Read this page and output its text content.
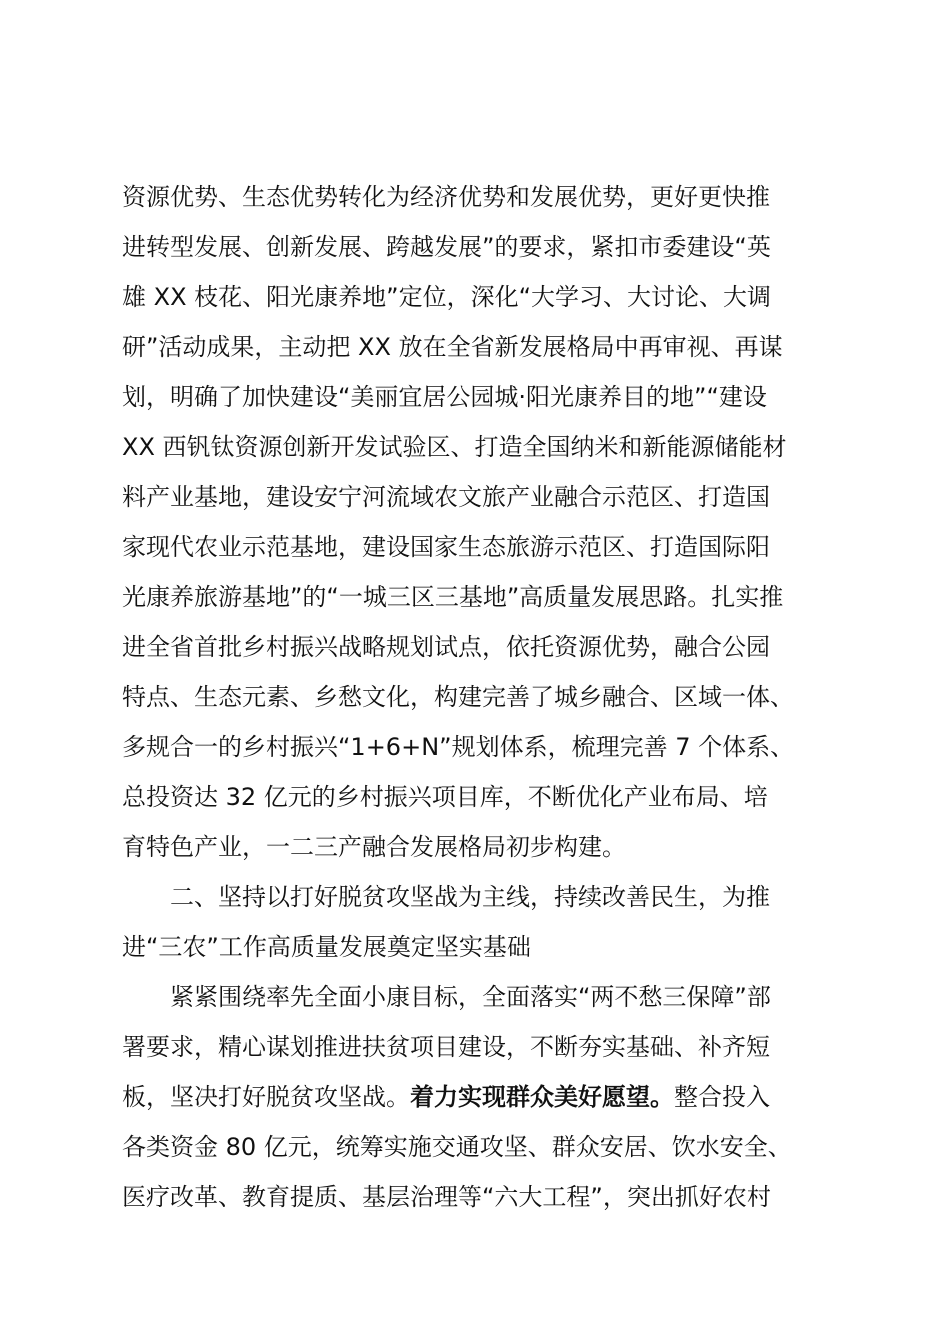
资源优势、生态优势转化为经济优势和发展优势，更好更快推
进转型发展、创新发展、跨越发展”的要求，紧扣市委建设“英
雄 XX 枝花、阳光康养地”定位，深化“大学习、大讨论、大调
研”活动成果，主动把 XX 放在全省新发展格局中再审视、再谋
划，明确了加快建设“美丽宜居公园城·阳光康养目的地”“建设
XX 西钒钛资源创新开发试验区、打造全国纳米和新能源储能材
料产业基地，建设安宁河流域农文旅产业融合示范区、打造国
家现代农业示范基地，建设国家生态旅游示范区、打造国际阳
光康养旅游基地”的“一城三区三基地”高质量发展思路。扎实推
进全省首批乡村振兴战略规划试点，依托资源优势，融合公园
特点、生态元素、乡愁文化，构建完善了城乡融合、区域一体、
多规合一的乡村振兴“1+6+N”规划体系，梳理完善 7 个体系、
总投资达 32 亿元的乡村振兴项目库，不断优化产业布局、培
育特色产业，一二三产融合发展格局初步构建。
二、坚持以打好脱贫攻坚战为主线，持续改善民生，为推
进“三农”工作高质量发展奠定坚实基础
紧紧围绕率先全面小康目标，全面落实“两不愁三保障”部
署要求，精心谋划推进扶贫项目建设，不断夯实基础、补齐短
板，坚决打好脱贫攻坚战。着力实现群众美好愿望。整合投入
各类资金 80 亿元，统筹实施交通攻坚、群众安居、饮水安全、
医疗改革、教育提质、基层治理等“六大工程”，突出抓好农村
